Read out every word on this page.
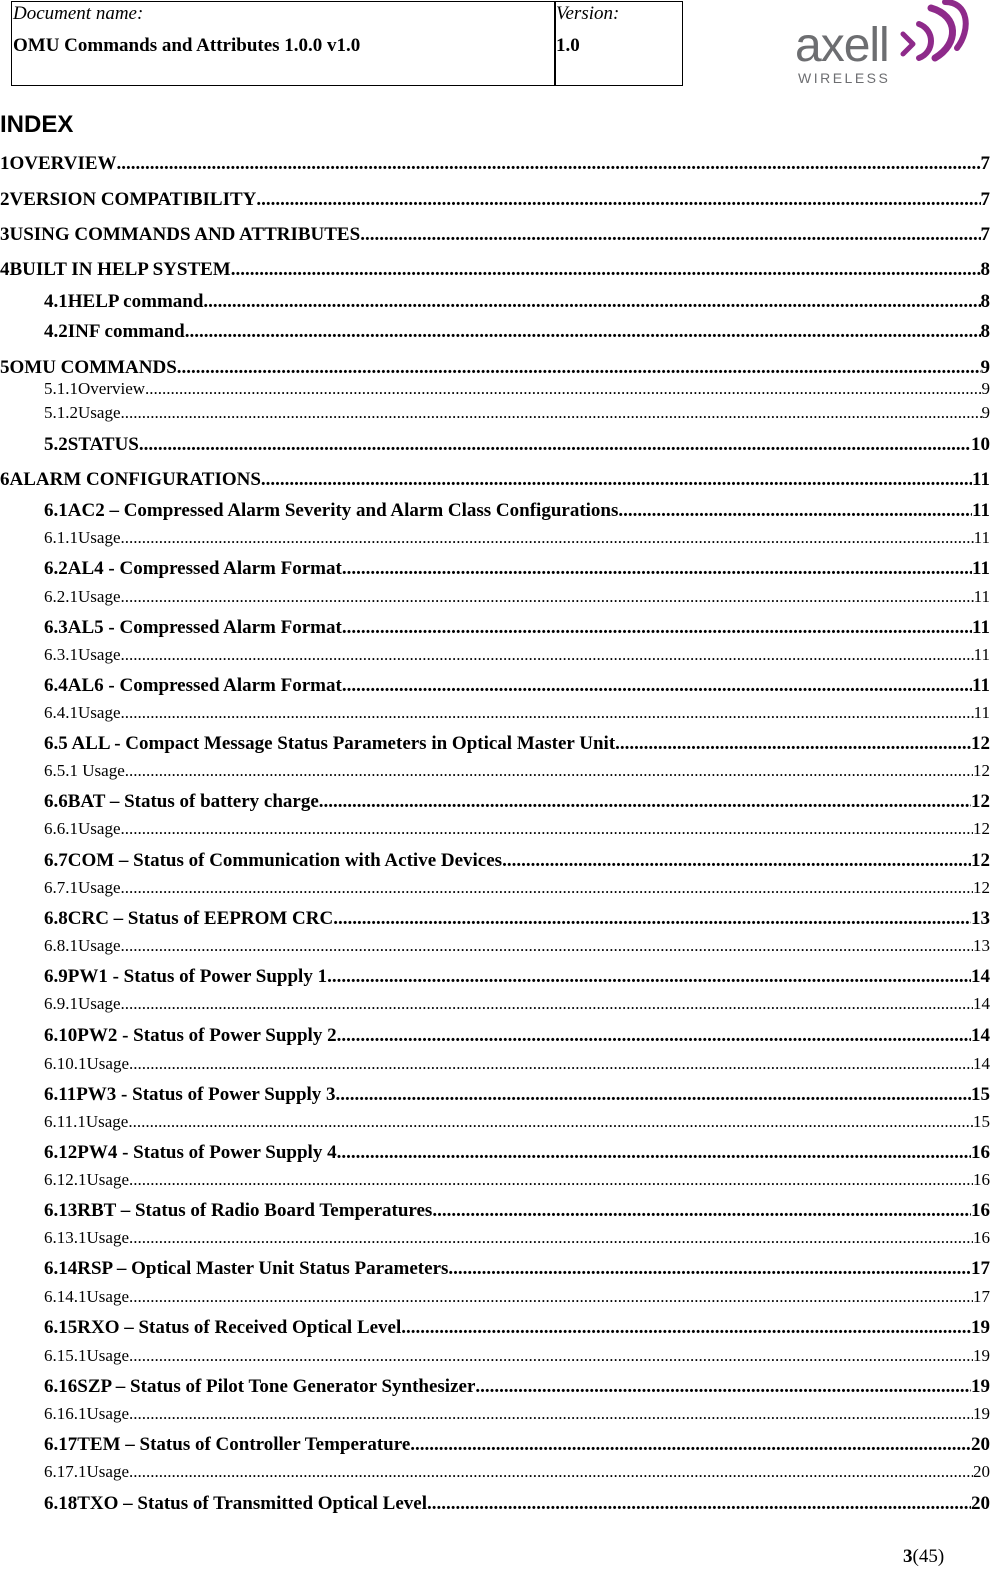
Document name:
OMU Commands and Attributes 1.0.0 v1.0
Version:
1.0	axell
WIRELESS
INDEX
1OVERVIEW .....	7
2VERSION COMPATIBILITY .....	7
3USING COMMANDS AND ATTRIBUTES .....	7
4BUILT IN HELP SYSTEM .....	8
4.1HELP command .....	8
4.2INF command .....	8
5OMU COMMANDS .....	9
5.1.1Overview .....	9
5.1.2Usage .....	9
5.2STATUS .....	10
6ALARM CONFIGURATIONS .....	11
6.1AC2 – Compressed Alarm Severity and Alarm Class Configurations .....	11
6.1.1Usage .....	11
6.2AL4 - Compressed Alarm Format .....	11
6.2.1Usage .....	11
6.3AL5 - Compressed Alarm Format .....	11
6.3.1Usage .....	11
6.4AL6 - Compressed Alarm Format .....	11
6.4.1Usage .....	11
6.5 ALL - Compact Message Status Parameters in Optical Master Unit .....	12
6.5.1 Usage .....	12
6.6BAT – Status of battery charge .....	12
6.6.1Usage .....	12
6.7COM – Status of Communication with Active Devices .....	12
6.7.1Usage .....	12
6.8CRC – Status of EEPROM CRC .....	13
6.8.1Usage .....	13
6.9PW1 - Status of Power Supply 1 .....	14
6.9.1Usage .....	14
6.10PW2 - Status of Power Supply 2 .....	14
6.10.1Usage .....	14
6.11PW3 - Status of Power Supply 3 .....	15
6.11.1Usage .....	15
6.12PW4 - Status of Power Supply 4 .....	16
6.12.1Usage .....	16
6.13RBT – Status of Radio Board Temperatures .....	16
6.13.1Usage .....	16
6.14RSP – Optical Master Unit Status Parameters .....	17
6.14.1Usage .....	17
6.15RXO – Status of Received Optical Level .....	19
6.15.1Usage .....	19
6.16SZP – Status of Pilot Tone Generator Synthesizer .....	19
6.16.1Usage .....	19
6.17TEM – Status of Controller Temperature .....	20
6.17.1Usage .....	20
6.18TXO – Status of Transmitted Optical Level .....	20
3(45)
